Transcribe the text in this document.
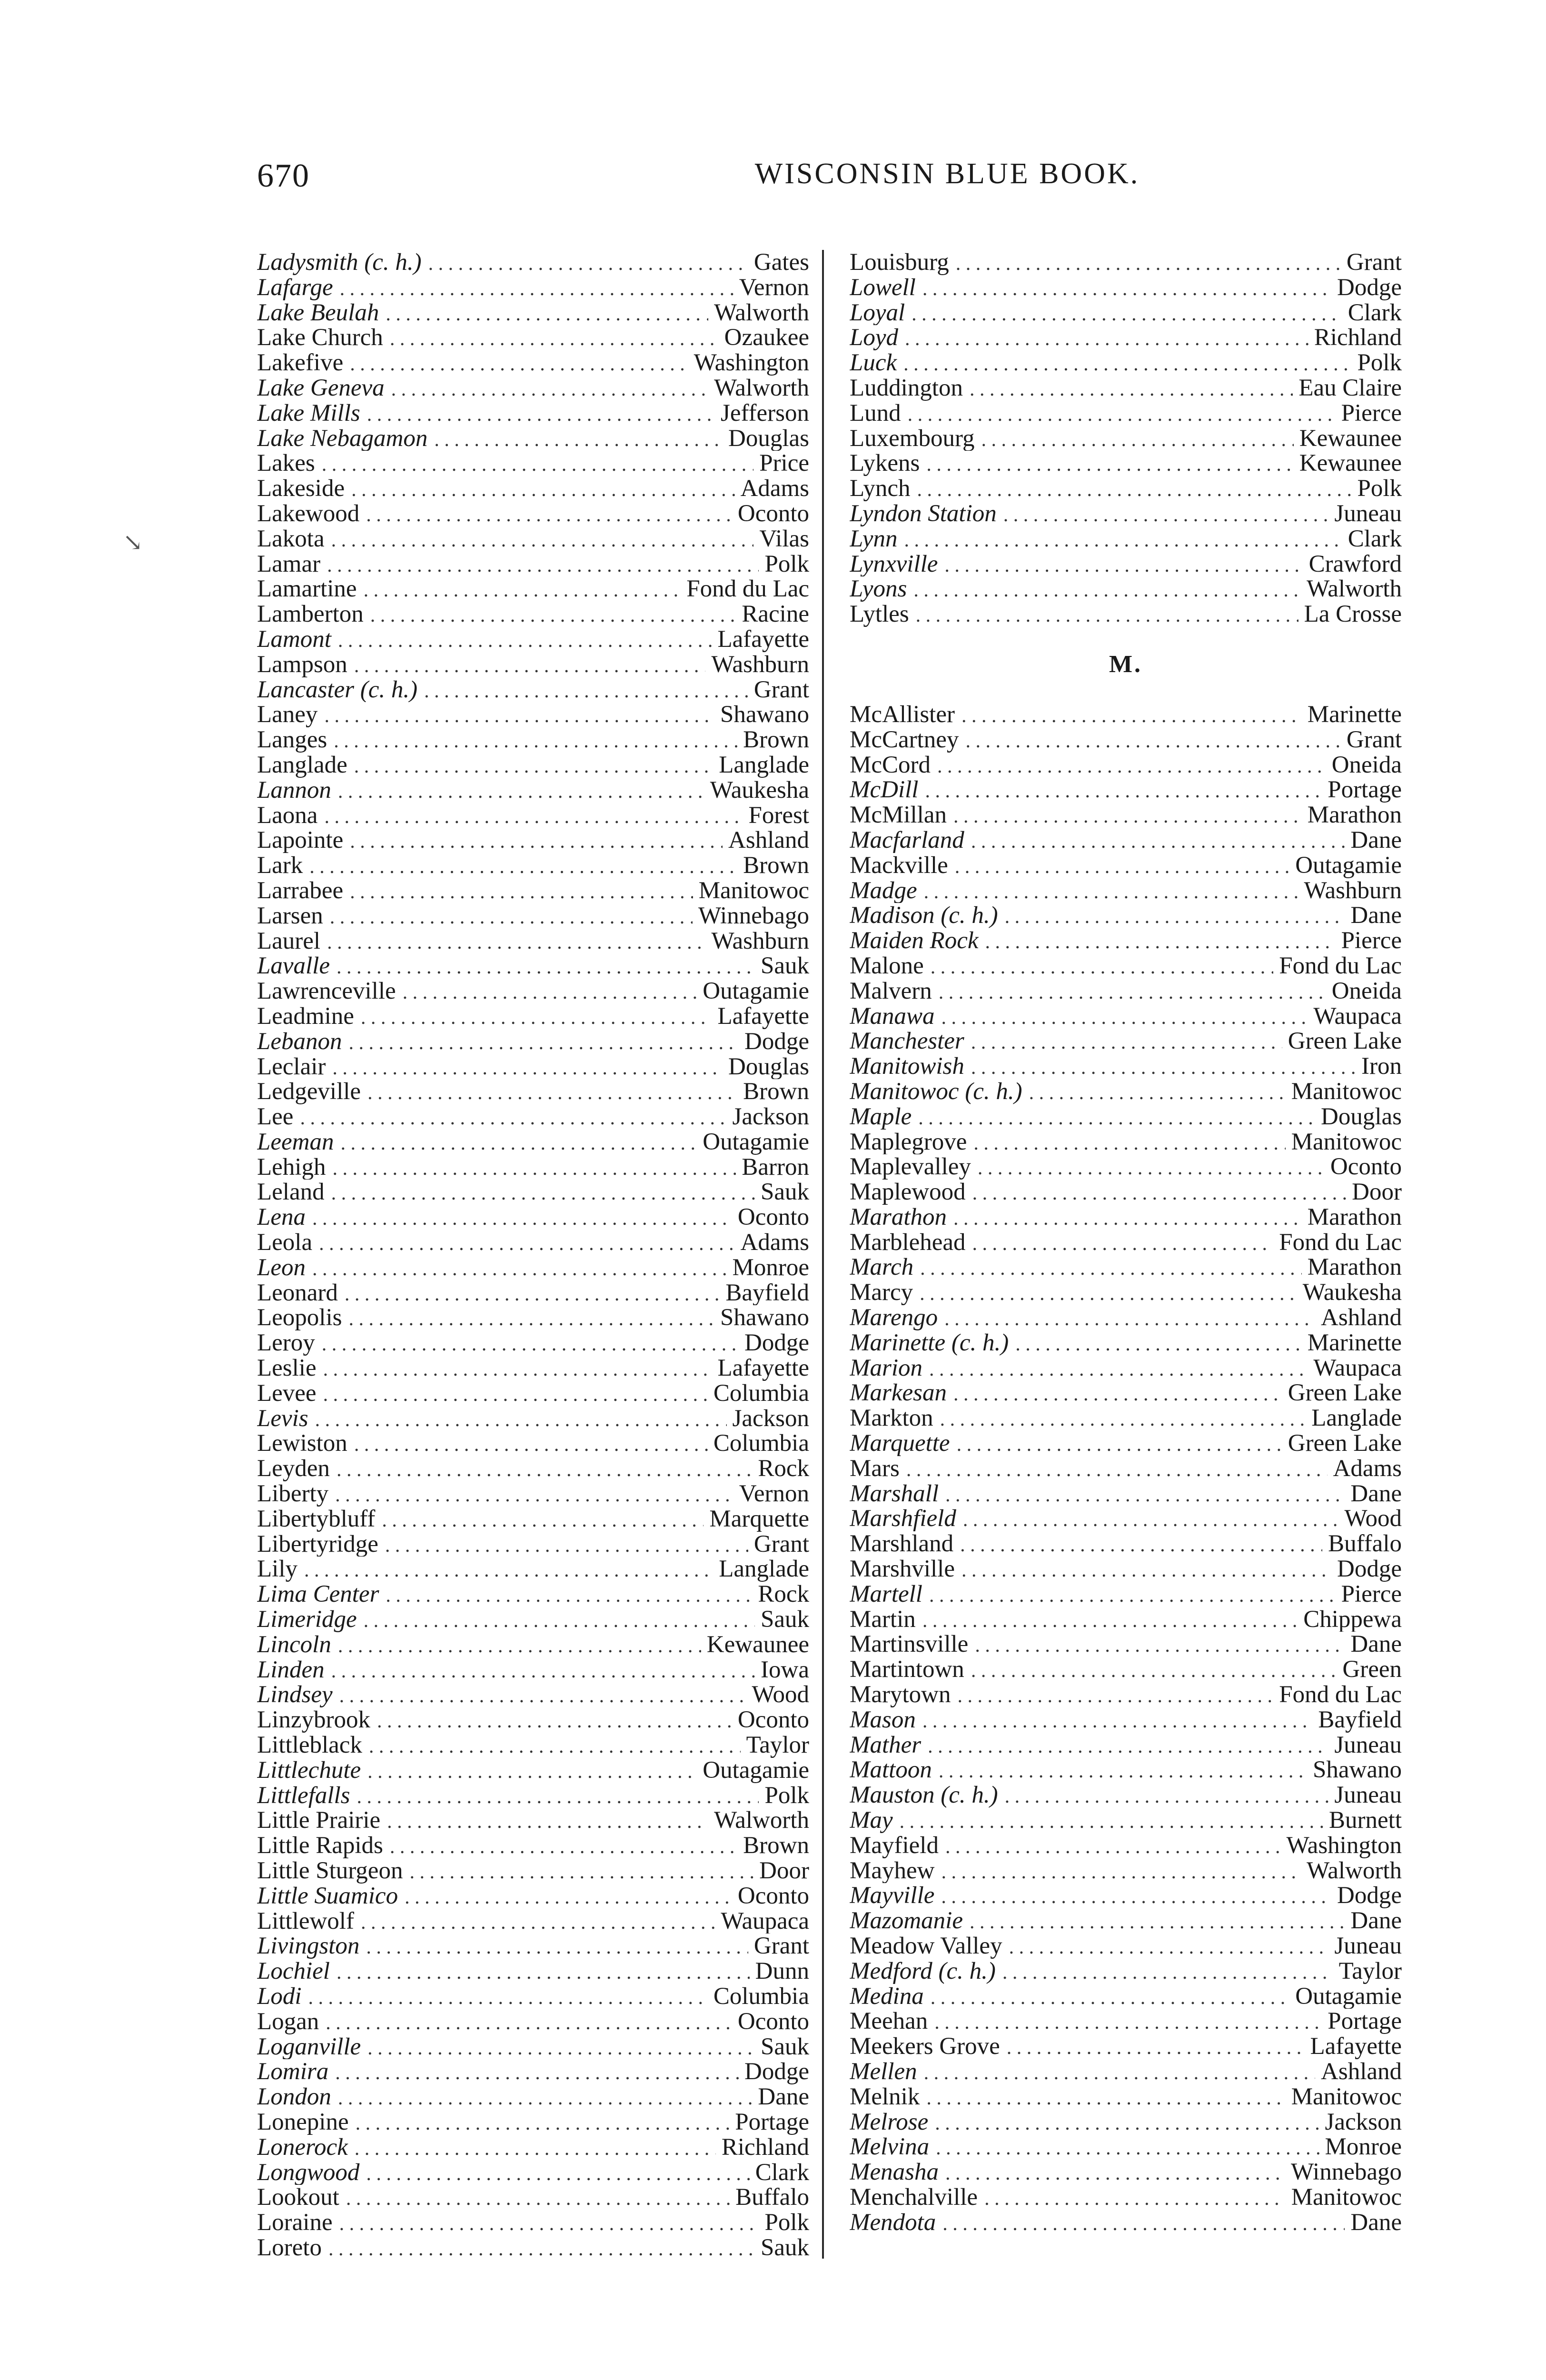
670	WISCONSIN BLUE BOOK.
Ladysmith (c. h.) . . .	Gates
Lafarge . . .	Vernon
Lake Beulah . . .	Walworth
Lake Church . . .	Ozaukee
Lakefive . . .	Washington
Lake Geneva . . .	Walworth
Lake Mills . . .	Jefferson
Lake Nebagamon . . .	Douglas
Lakes . . .	Price
Lakeside . . .	Adams
Lakewood . . .	Oconto
Lakota . . .	Vilas
Lamar . . .	Polk
Lamartine . . .	Fond du Lac
Lamberton . . .	Racine
Lamont . . .	Lafayette
Lampson . . .	Washburn
Lancaster (c. h.) . . .	Grant
Laney . . .	Shawano
Langes . . .	Brown
Langlade . . .	Langlade
Lannon . . .	Waukesha
Laona . . .	Forest
Lapointe . . .	Ashland
Lark . . .	Brown
Larrabee . . .	Manitowoc
Larsen . . .	Winnebago
Laurel . . .	Washburn
Lavalle . . .	Sauk
Lawrenceville . . .	Outagamie
Leadmine . . .	Lafayette
Lebanon . . .	Dodge
Leclair . . .	Douglas
Ledgeville . . .	Brown
Lee . . .	Jackson
Leeman . . .	Outagamie
Lehigh . . .	Barron
Leland . . .	Sauk
Lena . . .	Oconto
Leola . . .	Adams
Leon . . .	Monroe
Leonard . . .	Bayfield
Leopolis . . .	Shawano
Leroy . . .	Dodge
Leslie . . .	Lafayette
Levee . . .	Columbia
Levis . . .	Jackson
Lewiston . . .	Columbia
Leyden . . .	Rock
Liberty . . .	Vernon
Libertybluff . . .	Marquette
Libertyridge . . .	Grant
Lily . . .	Langlade
Lima Center . . .	Rock
Limeridge . . .	Sauk
Lincoln . . .	Kewaunee
Linden . . .	Iowa
Lindsey . . .	Wood
Linzybrook . . .	Oconto
Littleblack . . .	Taylor
Littlechute . . .	Outagamie
Littlefalls . . .	Polk
Little Prairie . . .	Walworth
Little Rapids . . .	Brown
Little Sturgeon . . .	Door
Little Suamico . . .	Oconto
Littlewolf . . .	Waupaca
Livingston . . .	Grant
Lochiel . . .	Dunn
Lodi . . .	Columbia
Logan . . .	Oconto
Loganville . . .	Sauk
Lomira . . .	Dodge
London . . .	Dane
Lonepine . . .	Portage
Lonerock . . .	Richland
Longwood . . .	Clark
Lookout . . .	Buffalo
Loraine . . .	Polk
Loreto . . .	Sauk
Louisburg . . .	Grant
Lowell . . .	Dodge
Loyal . . .	Clark
Loyd . . .	Richland
Luck . . .	Polk
Luddington . . .	Eau Claire
Lund . . .	Pierce
Luxembourg . . .	Kewaunee
Lykens . . .	Kewaunee
Lynch . . .	Polk
Lyndon Station . . .	Juneau
Lynn . . .	Clark
Lynxville . . .	Crawford
Lyons . . .	Walworth
Lytles . . .	La Crosse
M.
McAllister . . .	Marinette
McCartney . . .	Grant
McCord . . .	Oneida
McDill . . .	Portage
McMillan . . .	Marathon
Macfarland . . .	Dane
Mackville . . .	Outagamie
Madge . . .	Washburn
Madison (c. h.) . . .	Dane
Maiden Rock . . .	Pierce
Malone . . .	Fond du Lac
Malvern . . .	Oneida
Manawa . . .	Waupaca
Manchester . . .	Green Lake
Manitowish . . .	Iron
Manitowoc (c. h.) . . .	Manitowoc
Maple . . .	Douglas
Maplegrove . . .	Manitowoc
Maplevalley . . .	Oconto
Maplewood . . .	Door
Marathon . . .	Marathon
Marblehead . . .	Fond du Lac
March . . .	Marathon
Marcy . . .	Waukesha
Marengo . . .	Ashland
Marinette (c. h.) . . .	Marinette
Marion . . .	Waupaca
Markesan . . .	Green Lake
Markton . . .	Langlade
Marquette . . .	Green Lake
Mars . . .	Adams
Marshall . . .	Dane
Marshfield . . .	Wood
Marshland . . .	Buffalo
Marshville . . .	Dodge
Martell . . .	Pierce
Martin . . .	Chippewa
Martinsville . . .	Dane
Martintown . . .	Green
Marytown . . .	Fond du Lac
Mason . . .	Bayfield
Mather . . .	Juneau
Mattoon . . .	Shawano
Mauston (c. h.) . . .	Juneau
May . . .	Burnett
Mayfield . . .	Washington
Mayhew . . .	Walworth
Mayville . . .	Dodge
Mazomanie . . .	Dane
Meadow Valley . . .	Juneau
Medford (c. h.) . . .	Taylor
Medina . . .	Outagamie
Meehan . . .	Portage
Meekers Grove . . .	Lafayette
Mellen . . .	Ashland
Melnik . . .	Manitowoc
Melrose . . .	Jackson
Melvina . . .	Monroe
Menasha . . .	Winnebago
Menchalville . . .	Manitowoc
Mendota . . .	Dane
↘
